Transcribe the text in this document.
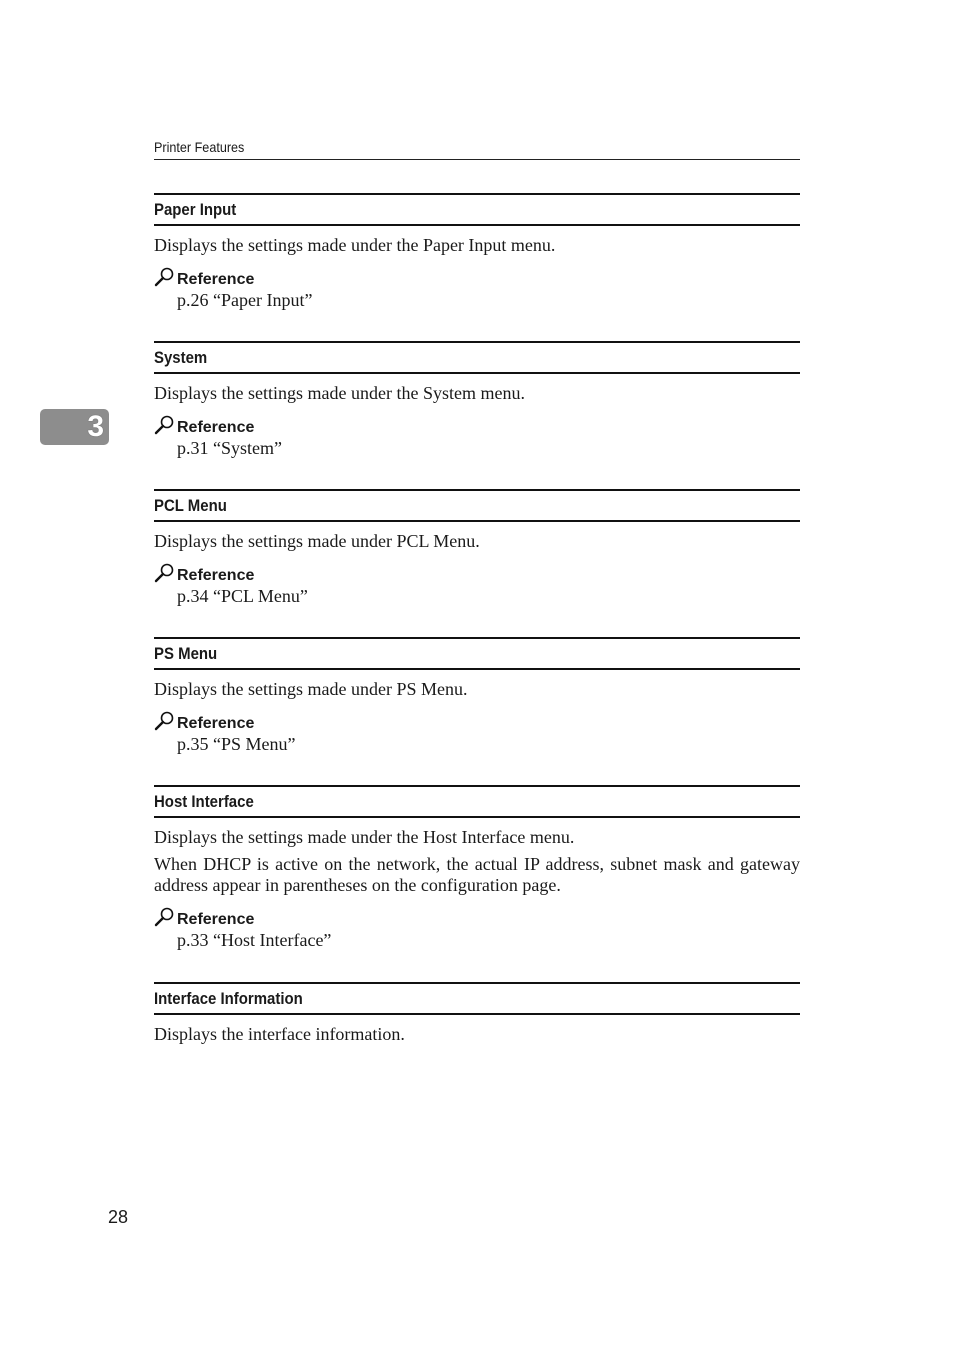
Printer Features
3
Paper Input
Displays the settings made under the Paper Input menu.
Reference
p.26 “Paper Input”
System
Displays the settings made under the System menu.
Reference
p.31 “System”
PCL Menu
Displays the settings made under PCL Menu.
Reference
p.34 “PCL Menu”
PS Menu
Displays the settings made under PS Menu.
Reference
p.35 “PS Menu”
Host Interface
Displays the settings made under the Host Interface menu.
When DHCP is active on the network, the actual IP address, subnet mask and gateway address appear in parentheses on the configuration page.
Reference
p.33 “Host Interface”
Interface Information
Displays the interface information.
28
